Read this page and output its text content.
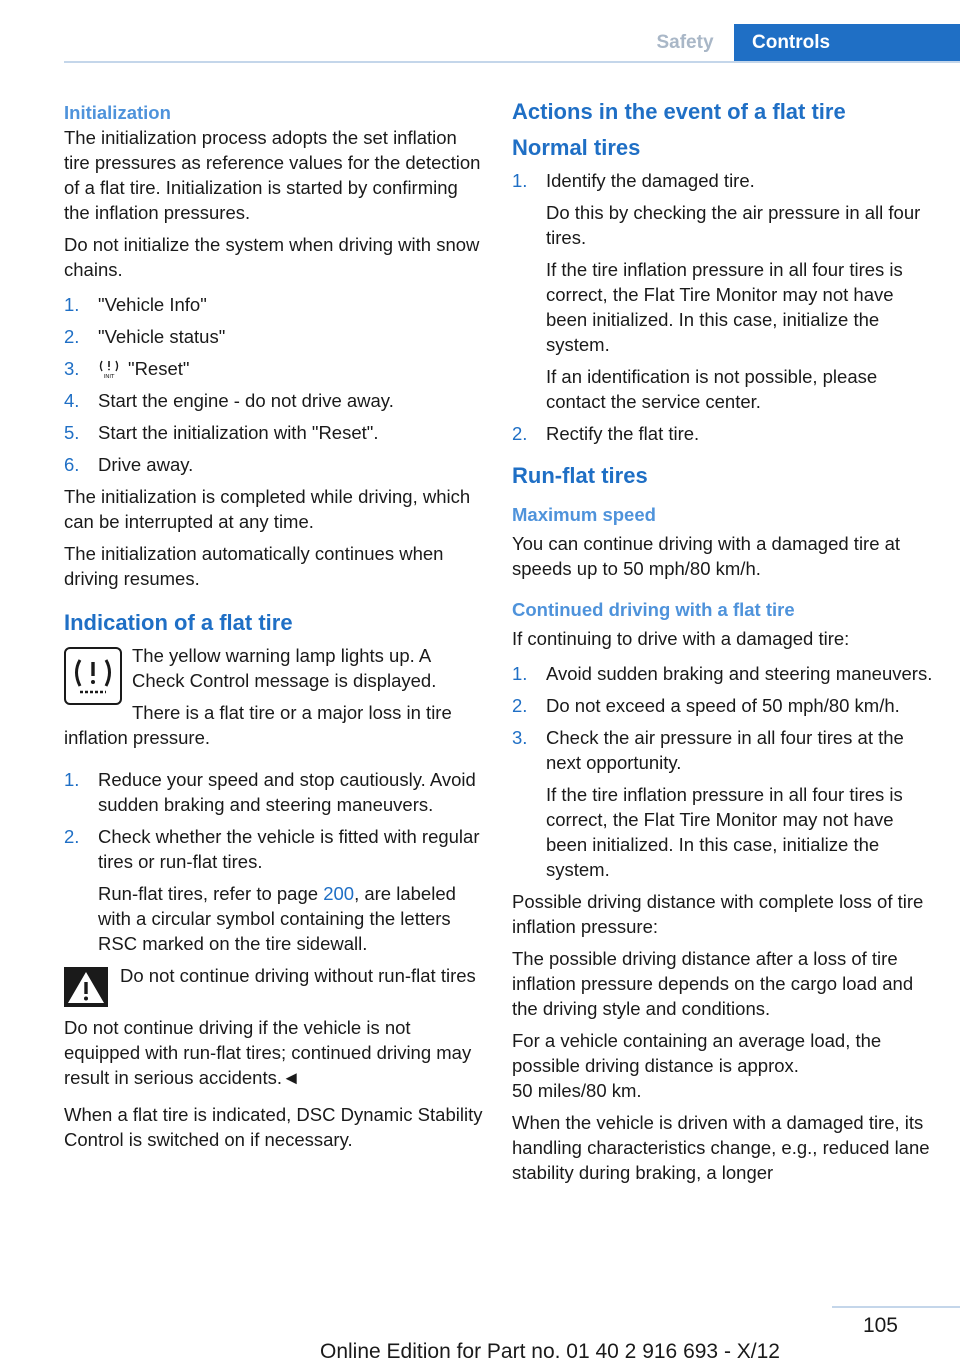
Safety	Controls
Initialization

The initialization process adopts the set inflation tire pressures as reference values for the detection of a flat tire. Initialization is started by confirming the inflation pressures.

Do not initialize the system when driving with snow chains.

1.	"Vehicle Info"
2.	"Vehicle status"
3.	INIT "Reset"
4.	Start the engine - do not drive away.
5.	Start the initialization with "Reset".
6.	Drive away.

The initialization is completed while driving, which can be interrupted at any time.

The initialization automatically continues when driving resumes.

Indication of a flat tire

The yellow warning lamp lights up. A Check Control message is displayed.

There is a flat tire or a major loss in tire inflation pressure.

1.	Reduce your speed and stop cautiously. Avoid sudden braking and steering maneuvers.
2.	Check whether the vehicle is fitted with regular tires or run-flat tires.

Run-flat tires, refer to page 200, are labeled with a circular symbol containing the letters RSC marked on the tire sidewall.

Do not continue driving without run-flat tires

Do not continue driving if the vehicle is not equipped with run-flat tires; continued driving may result in serious accidents.◄

When a flat tire is indicated, DSC Dynamic Stability Control is switched on if necessary.

Actions in the event of a flat tire
Normal tires
1.	Identify the damaged tire.

Do this by checking the air pressure in all four tires.

If the tire inflation pressure in all four tires is correct, the Flat Tire Monitor may not have been initialized. In this case, initialize the system.

If an identification is not possible, please contact the service center.

2.	Rectify the flat tire.
Run-flat tires
Maximum speed

You can continue driving with a damaged tire at speeds up to 50 mph/80 km/h.

Continued driving with a flat tire

If continuing to drive with a damaged tire:

1.	Avoid sudden braking and steering maneuvers.
2.	Do not exceed a speed of 50 mph/80 km/h.
3.	Check the air pressure in all four tires at the next opportunity.

If the tire inflation pressure in all four tires is correct, the Flat Tire Monitor may not have been initialized. In this case, initialize the system.

Possible driving distance with complete loss of tire inflation pressure:

The possible driving distance after a loss of tire inflation pressure depends on the cargo load and the driving style and conditions.

For a vehicle containing an average load, the possible driving distance is approx.
50 miles/80 km.

When the vehicle is driven with a damaged tire, its handling characteristics change, e.g., reduced lane stability during braking, a longer

105
Online Edition for Part no. 01 40 2 916 693 - X/12
